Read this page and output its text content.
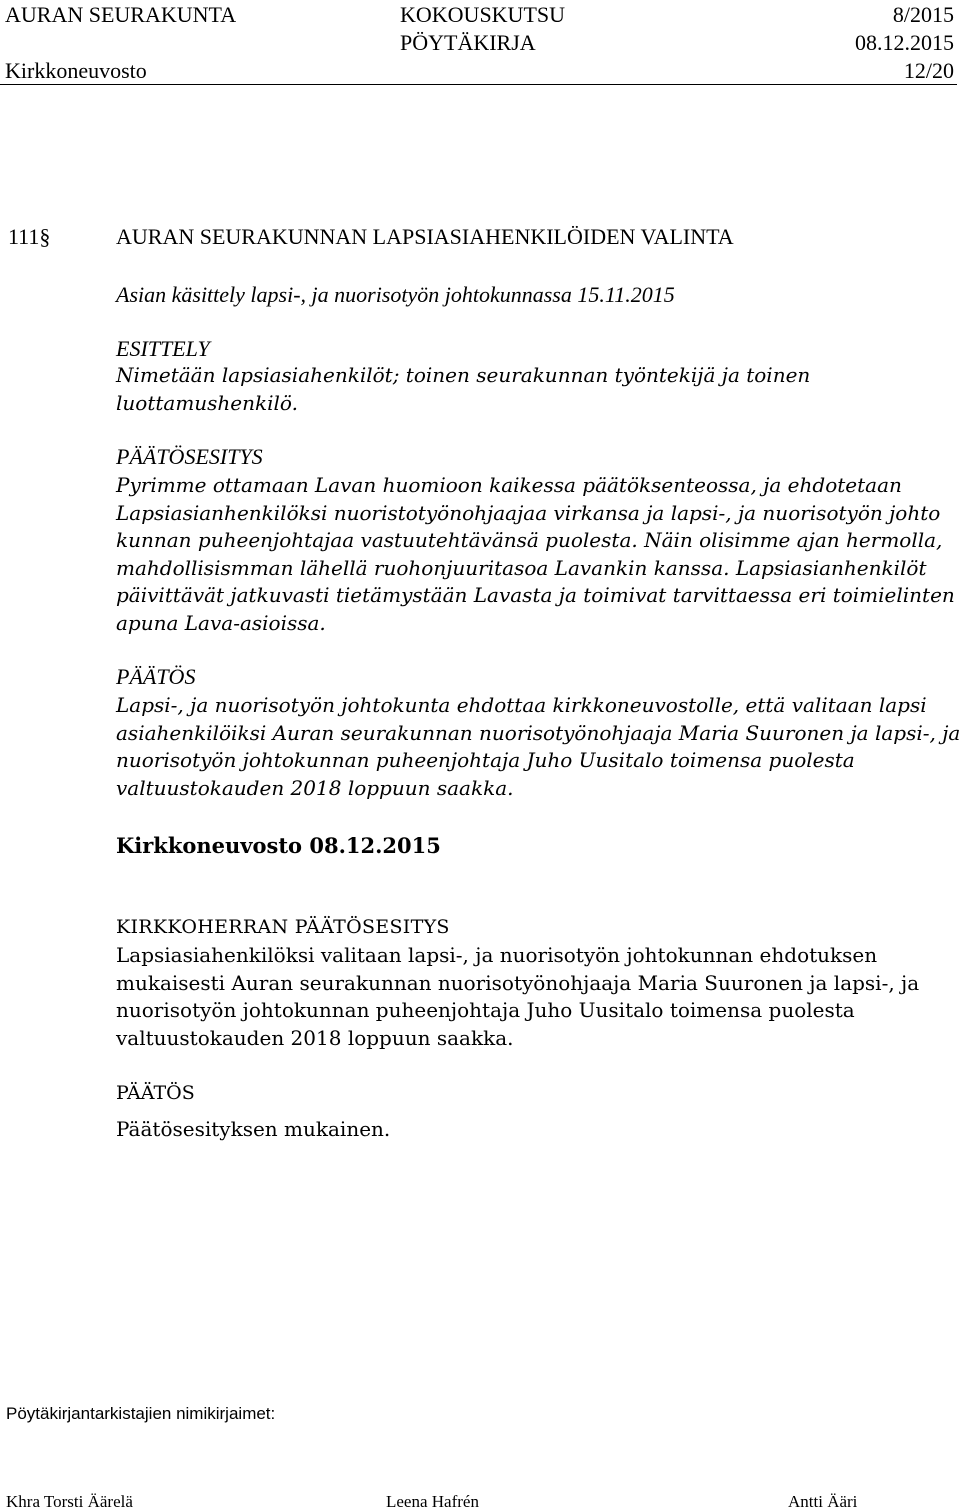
AURAN SEURAKUNTA	KOKOUSKUTSU	8/2015
PÖYTÄKIRJA	08.12.2015
Kirkkoneuvosto	12/20
111§	AURAN SEURAKUNNAN LAPSIASIAHENKILÖIDEN VALINTA
Asian käsittely lapsi-, ja nuorisotyön johtokunnassa 15.11.2015
ESITTELY
Nimetään lapsiasiahenkilöt; toinen seurakunnan työntekijä ja toinen
luottamushenkilö.
PÄÄTÖSESITYS
Pyrimme ottamaan Lavan huomioon kaikessa päätöksenteossa, ja ehdotetaan
Lapsiasianhenkilöksi nuoristotyönohjaajaa virkansa ja lapsi-, ja nuorisotyön johto
kunnan puheenjohtajaa vastuutehtävänsä puolesta. Näin olisimme ajan hermolla,
mahdollisismman lähellä ruohonjuuritasoa Lavankin kanssa. Lapsiasianhenkilöt
päivittävät jatkuvasti tietämystään Lavasta ja toimivat tarvittaessa eri toimielinten
apuna Lava-asioissa.
PÄÄTÖS
Lapsi-, ja nuorisotyön johtokunta ehdottaa kirkkoneuvostolle, että valitaan lapsi
asiahenkilöiksi Auran seurakunnan nuorisotyönohjaaja Maria Suuronen ja lapsi-, ja
nuorisotyön johtokunnan puheenjohtaja Juho Uusitalo toimensa puolesta
valtuustokauden 2018 loppuun saakka.
Kirkkoneuvosto 08.12.2015
KIRKKOHERRAN PÄÄTÖSESITYS
Lapsiasiahenkilöksi valitaan lapsi-, ja nuorisotyön johtokunnan ehdotuksen
mukaisesti Auran seurakunnan nuorisotyönohjaaja Maria Suuronen ja lapsi-, ja
nuorisotyön johtokunnan puheenjohtaja Juho Uusitalo toimensa puolesta
valtuustokauden 2018 loppuun saakka.
PÄÄTÖS
Päätösesityksen mukainen.
Pöytäkirjantarkistajien nimikirjaimet:
Khra Torsti Äärelä	Leena Hafrén	Antti Ääri
